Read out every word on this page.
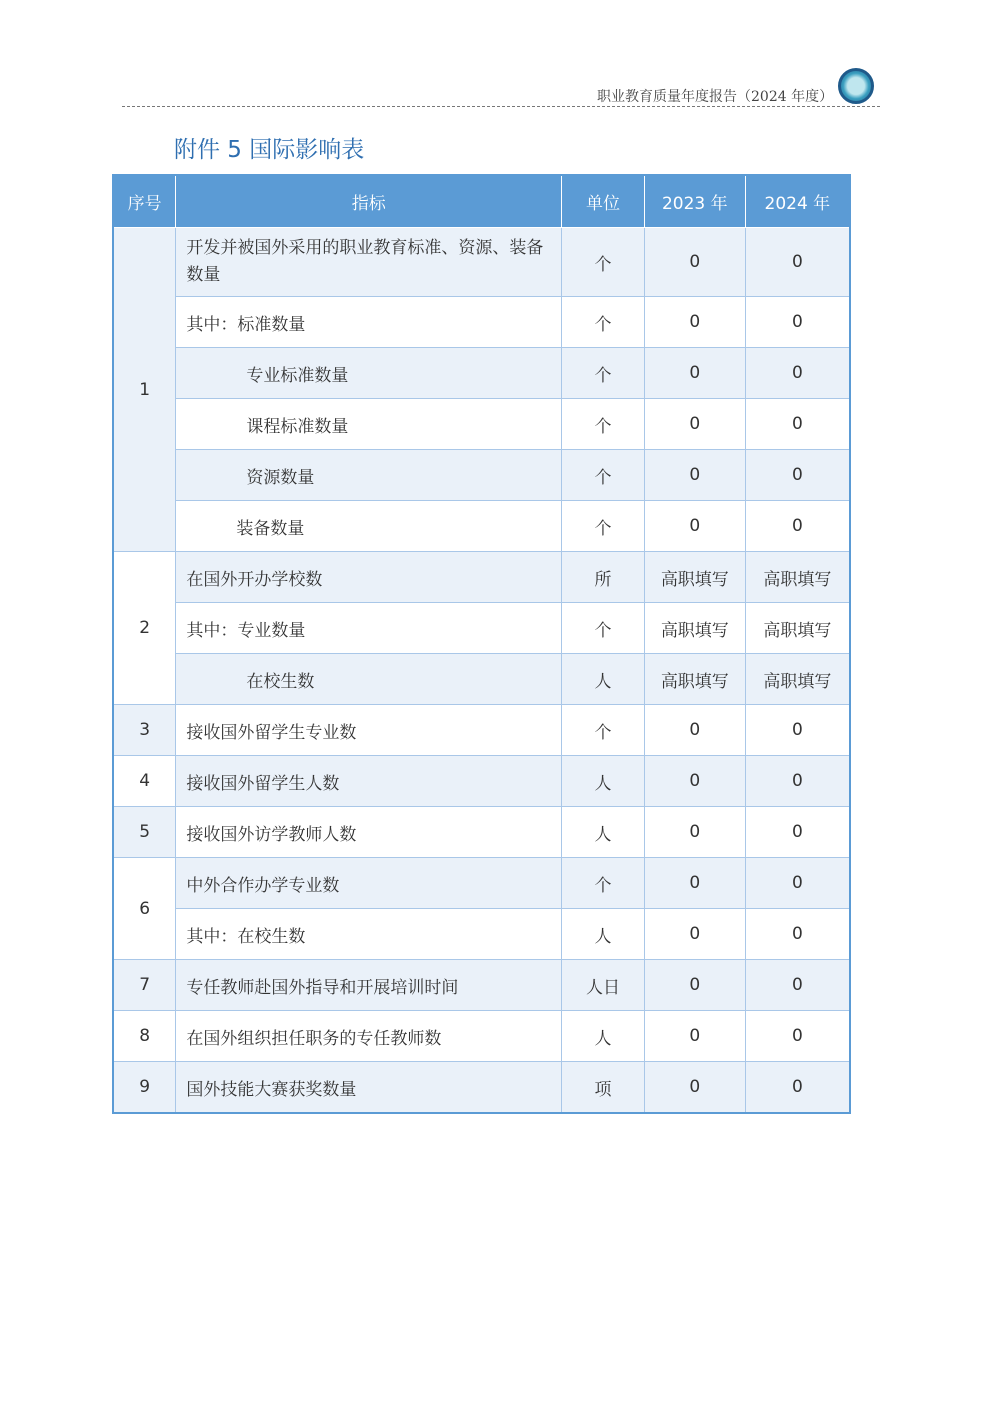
职业教育质量年度报告（2024 年度）
附件 5 国际影响表
序号	指标	单位	2023 年	2024 年
1	开发并被国外采用的职业教育标准、资源、装备数量	个	0	0
	其中：标准数量	个	0	0
	专业标准数量	个	0	0
	课程标准数量	个	0	0
	资源数量	个	0	0
	装备数量	个	0	0
2	在国外开办学校数	所	高职填写	高职填写
	其中：专业数量	个	高职填写	高职填写
	在校生数	人	高职填写	高职填写
3	接收国外留学生专业数	个	0	0
4	接收国外留学生人数	人	0	0
5	接收国外访学教师人数	人	0	0
6	中外合作办学专业数	个	0	0
	其中：在校生数	人	0	0
7	专任教师赴国外指导和开展培训时间	人日	0	0
8	在国外组织担任职务的专任教师数	人	0	0
9	国外技能大赛获奖数量	项	0	0
